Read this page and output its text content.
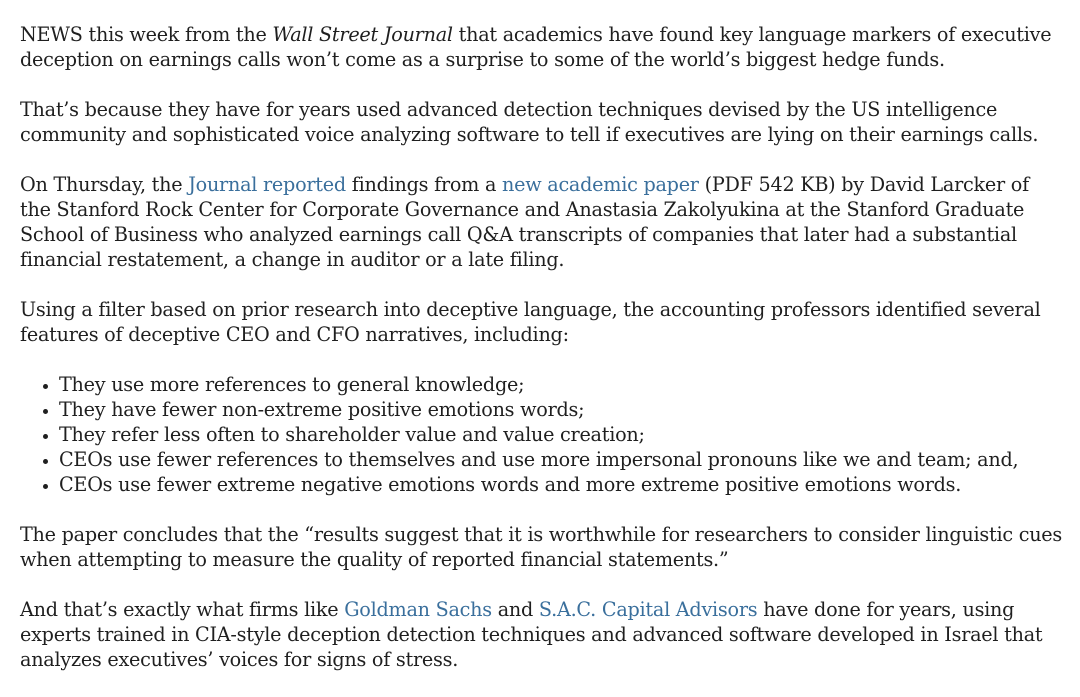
NEWS this week from the Wall Street Journal that academics have found key language markers of executive deception on earnings calls won’t come as a surprise to some of the world’s biggest hedge funds.

That’s because they have for years used advanced detection techniques devised by the US intelligence community and sophisticated voice analyzing software to tell if executives are lying on their earnings calls.

On Thursday, the Journal reported findings from a new academic paper (PDF 542 KB) by David Larcker of the Stanford Rock Center for Corporate Governance and Anastasia Zakolyukina at the Stanford Graduate School of Business who analyzed earnings call Q&A transcripts of companies that later had a substantial financial restatement, a change in auditor or a late filing.

Using a filter based on prior research into deceptive language, the accounting professors identified several features of deceptive CEO and CFO narratives, including:

• They use more references to general knowledge;
• They have fewer non-extreme positive emotions words;
• They refer less often to shareholder value and value creation;
• CEOs use fewer references to themselves and use more impersonal pronouns like we and team; and,
• CEOs use fewer extreme negative emotions words and more extreme positive emotions words.

The paper concludes that the “results suggest that it is worthwhile for researchers to consider linguistic cues when attempting to measure the quality of reported financial statements.”

And that’s exactly what firms like Goldman Sachs and S.A.C. Capital Advisors have done for years, using experts trained in CIA-style deception detection techniques and advanced software developed in Israel that analyzes executives’ voices for signs of stress.
